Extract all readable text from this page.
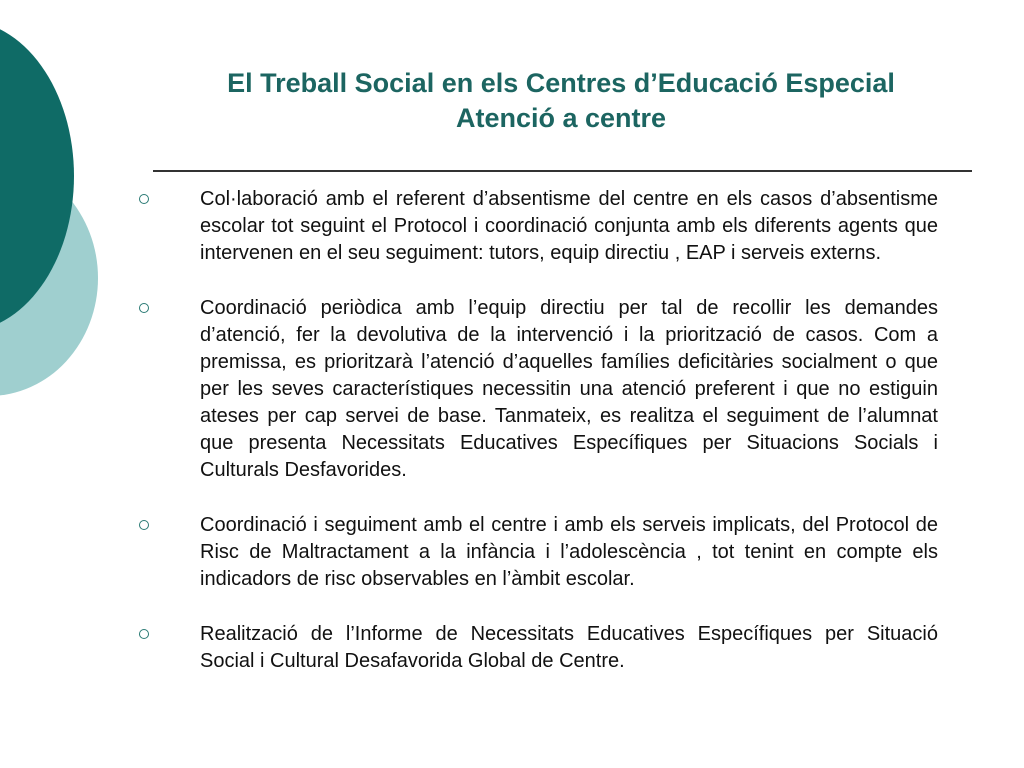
El Treball Social en els Centres d’Educació Especial
Atenció a centre
Col·laboració amb el referent d’absentisme del centre en els casos d’absentisme escolar tot seguint el Protocol i coordinació conjunta amb els diferents agents que intervenen en el seu seguiment: tutors, equip directiu , EAP i serveis externs.
Coordinació periòdica amb l’equip directiu per tal de recollir les demandes d’atenció, fer la devolutiva de la intervenció i la priorització de casos. Com a premissa, es prioritzarà l’atenció d’aquelles famílies deficitàries socialment o que per les seves característiques necessitin una atenció preferent i que no estiguin ateses per cap servei de base. Tanmateix, es realitza el seguiment de l’alumnat que presenta Necessitats Educatives Específiques per Situacions Socials i Culturals Desfavorides.
Coordinació i seguiment amb el centre i amb els serveis implicats, del Protocol de Risc de Maltractament a la infància i l’adolescència , tot tenint en compte els indicadors de risc observables en l’àmbit escolar.
Realització de l’Informe de Necessitats Educatives Específiques per Situació Social i Cultural Desafavorida Global de Centre.
